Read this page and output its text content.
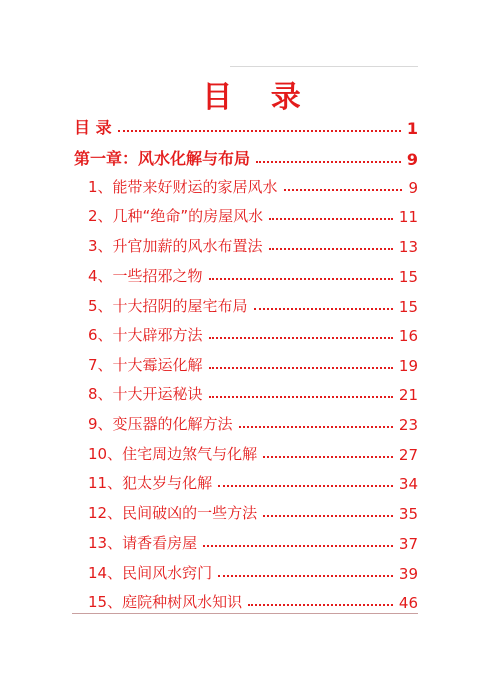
目 录
目 录	1
第一章：风水化解与布局	9
1、能带来好财运的家居风水	9
2、几种“绝命”的房屋风水	11
3、升官加薪的风水布置法	13
4、一些招邪之物	15
5、十大招阴的屋宅布局	15
6、十大辟邪方法	16
7、十大霉运化解	19
8、十大开运秘诀	21
9、变压器的化解方法	23
10、住宅周边煞气与化解	27
11、犯太岁与化解	34
12、民间破凶的一些方法	35
13、请香看房屋	37
14、民间风水窍门	39
15、庭院种树风水知识	46
